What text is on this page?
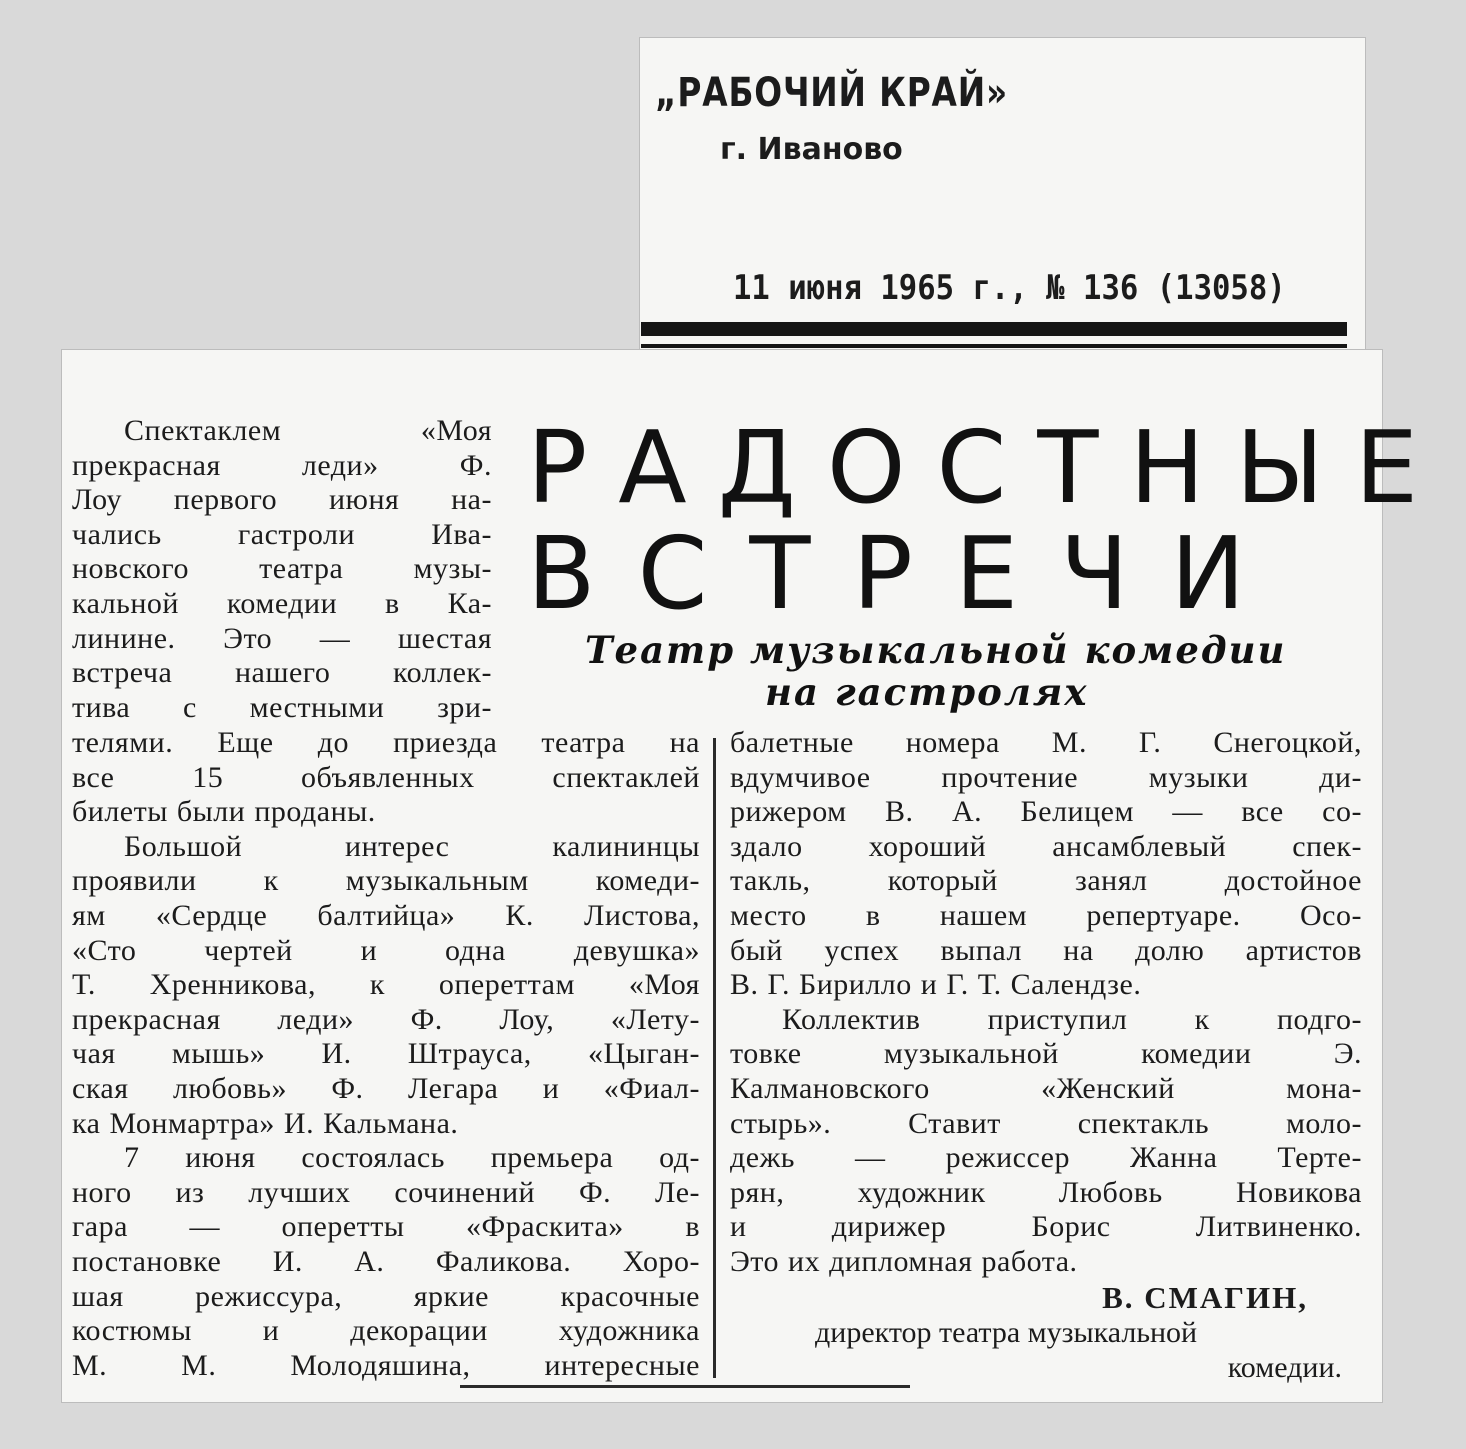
„РАБОЧИЙ КРАЙ»
г. Иваново
11 июня 1965 г., № 136 (13058)
РАДОСТНЫЕ
ВСТРЕЧИ
Театр музыкальной комедии
на гастролях
Спектаклем	«Моя
прекрасная	леди»	Ф.
Лоу первого июня на-
чались	гастроли	Ива-
новского театра музы-
кальной комедии в Ка-
линине. Это — шестая
встреча нашего коллек-
тива с местными зри-
телями. Еще до приезда театра на
все	15	объявленных	спектаклей
билеты были проданы.
Большой	интерес	калининцы
проявили к музыкальным комеди-
ям «Сердце балтийца» К. Листова,
«Сто чертей и одна девушка»
Т. Хренникова, к опереттам «Моя
прекрасная леди» Ф. Лоу, «Лету-
чая мышь» И. Штрауса, «Цыган-
ская любовь» Ф. Легара и «Фиал-
ка Монмартра» И. Кальмана.
7 июня состоялась премьера од-
ного из лучших сочинений Ф. Ле-
гара — оперетты «Фраскита» в
постановке И. А. Фаликова. Хоро-
шая режиссура, яркие красочные
костюмы и декорации художника
М. М. Молодяшина, интересные
балетные номера М. Г. Снегоцкой,
вдумчивое прочтение музыки ди-
рижером В. А. Белицем — все со-
здало хороший ансамблевый спек-
такль,	который	занял	достойное
место в нашем репертуаре. Осо-
бый успех выпал на долю артистов
В. Г. Бирилло и Г. Т. Салендзе.
Коллектив приступил к подго-
товке	музыкальной	комедии	Э.
Калмановского	«Женский	мона-
стырь».	Ставит	спектакль	моло-
дежь — режиссер Жанна Терте-
рян, художник Любовь Новикова
и	дирижер	Борис	Литвиненко.
Это их дипломная работа.
В. СМАГИН,
директор театра музыкальной
комедии.
